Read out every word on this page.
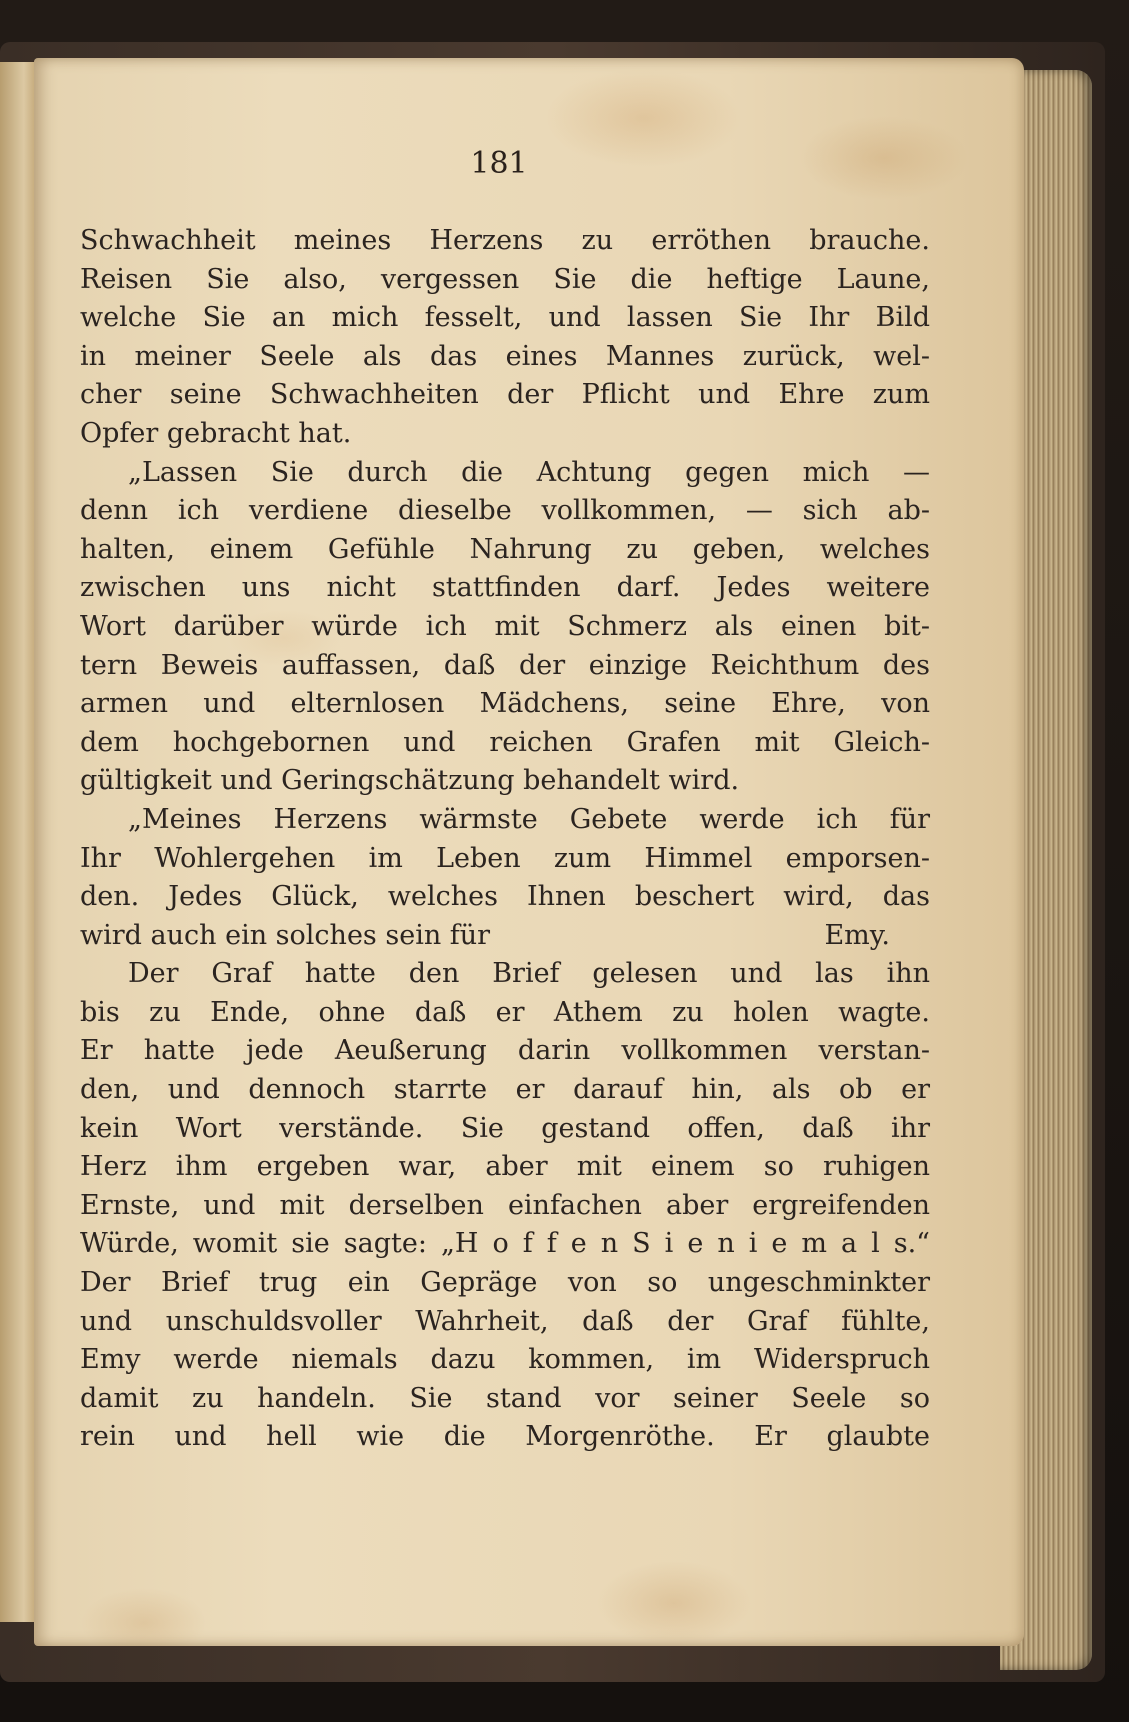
181
Schwachheit meines Herzens zu erröthen brauche.
Reisen Sie also, vergessen Sie die heftige Laune,
welche Sie an mich fesselt, und lassen Sie Ihr Bild
in meiner Seele als das eines Mannes zurück, wel-
cher seine Schwachheiten der Pflicht und Ehre zum
Opfer gebracht hat.
„Lassen Sie durch die Achtung gegen mich —
denn ich verdiene dieselbe vollkommen, — sich ab-
halten, einem Gefühle Nahrung zu geben, welches
zwischen uns nicht stattfinden darf. Jedes weitere
Wort darüber würde ich mit Schmerz als einen bit-
tern Beweis auffassen, daß der einzige Reichthum des
armen und elternlosen Mädchens, seine Ehre, von
dem hochgebornen und reichen Grafen mit Gleich-
gültigkeit und Geringschätzung behandelt wird.
„Meines Herzens wärmste Gebete werde ich für
Ihr Wohlergehen im Leben zum Himmel emporsen-
den. Jedes Glück, welches Ihnen beschert wird, das
wird auch ein solches sein für	Emy.
Der Graf hatte den Brief gelesen und las ihn
bis zu Ende, ohne daß er Athem zu holen wagte.
Er hatte jede Aeußerung darin vollkommen verstan-
den, und dennoch starrte er darauf hin, als ob er
kein Wort verstände. Sie gestand offen, daß ihr
Herz ihm ergeben war, aber mit einem so ruhigen
Ernste, und mit derselben einfachen aber ergreifenden
Würde, womit sie sagte: „H o f f e n S i e n i e m a l s.“
Der Brief trug ein Gepräge von so ungeschminkter
und unschuldsvoller Wahrheit, daß der Graf fühlte,
Emy werde niemals dazu kommen, im Widerspruch
damit zu handeln. Sie stand vor seiner Seele so
rein und hell wie die Morgenröthe. Er glaubte
